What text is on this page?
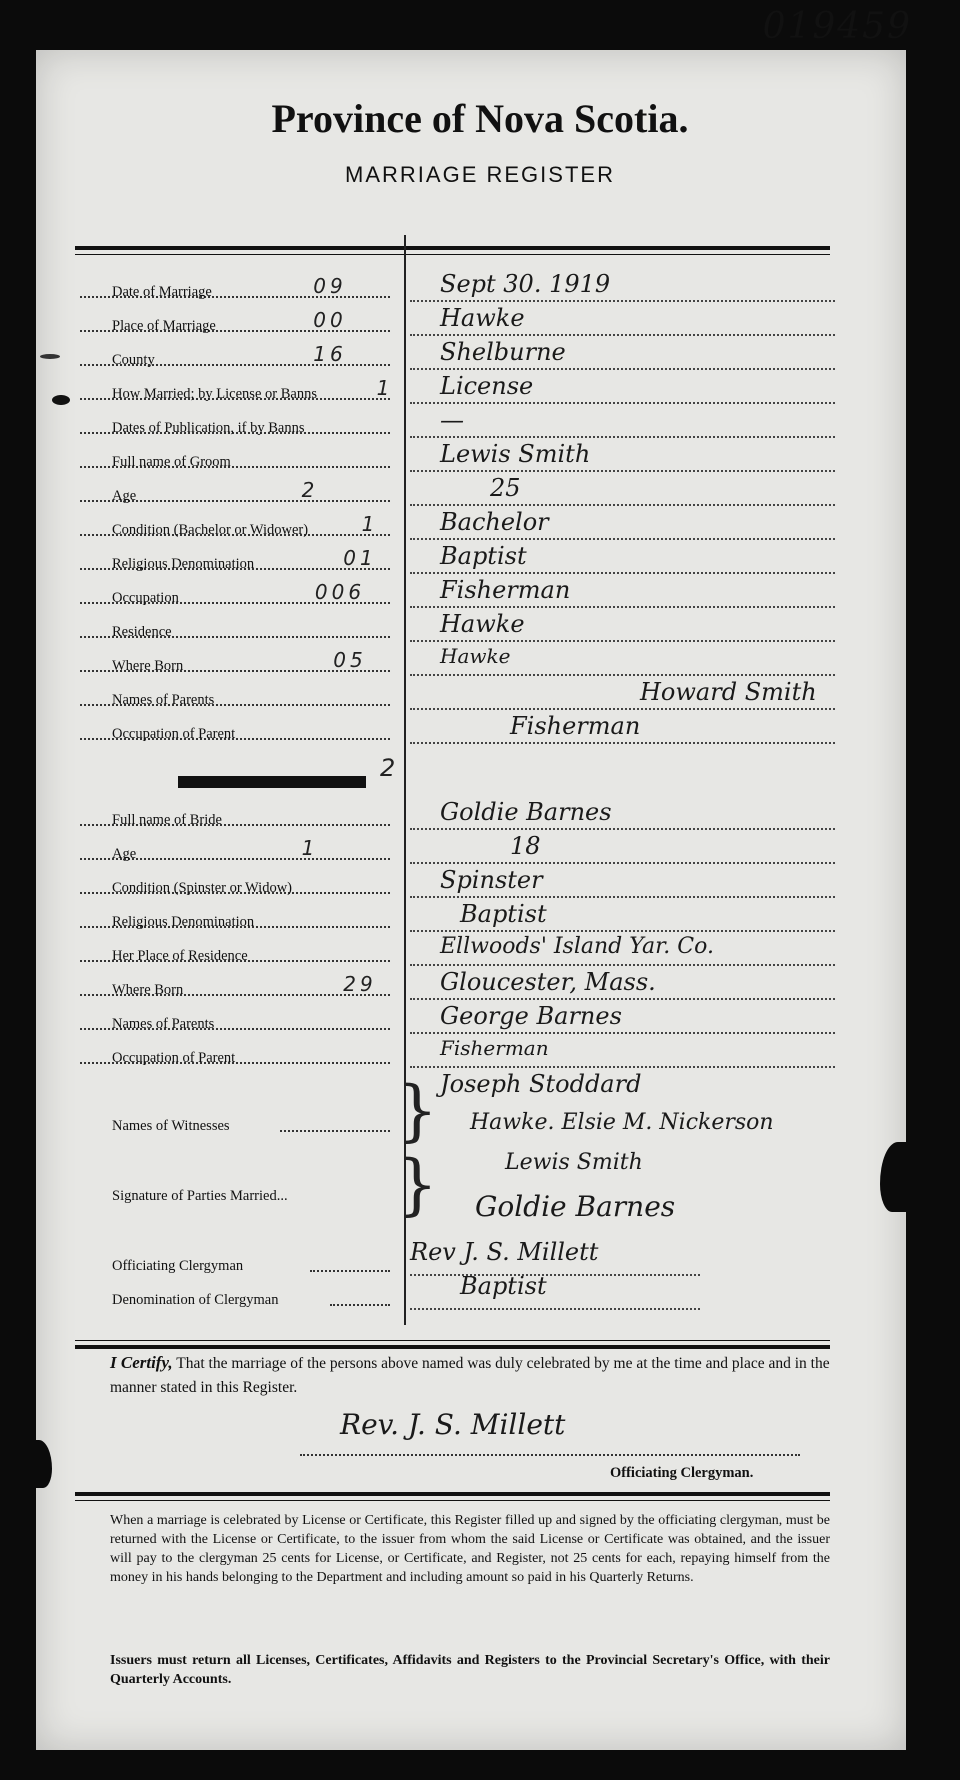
019459
Province of Nova Scotia.
MARRIAGE REGISTER
Date of Marriage	09	Sept 30. 1919
Place of Marriage	00	Hawke
County	16	Shelburne
How Married; by License or Banns	1	License
Dates of Publication, if by Banns	—
Full name of Groom	Lewis Smith
Age	2	25
Condition (Bachelor or Widower)	1	Bachelor
Religious Denomination	01	Baptist
Occupation	006	Fisherman
Residence	Hawke
Where Born	05	Hawke
Names of Parents	Howard Smith
Occupation of Parent	Fisherman
2
Full name of Bride	Goldie Barnes
Age	1	18
Condition (Spinster or Widow)	Spinster
Religious Denomination	Baptist
Her Place of Residence	Ellwoods' Island Yar. Co.
Where Born	29	Gloucester, Mass.
Names of Parents	George Barnes
Occupation of Parent	Fisherman
Names of Witnesses	} Joseph Stoddard
Hawke. Elsie M. Nickerson
Signature of Parties Married... }	Lewis Smith
Goldie Barnes
Officiating Clergyman	Rev J. S. Millett
Denomination of Clergyman	Baptist
I Certify, That the marriage of the persons above named was duly celebrated by me at the time and place and in the manner stated in this Register.
Rev. J. S. Millett
Officiating Clergyman.
When a marriage is celebrated by License or Certificate, this Register filled up and signed by the officiating clergyman, must be returned with the License or Certificate, to the issuer from whom the said License or Certificate was obtained, and the issuer will pay to the clergyman 25 cents for License, or Certificate, and Register, not 25 cents for each, repaying himself from the money in his hands belonging to the Department and including amount so paid in his Quarterly Returns.
Issuers must return all Licenses, Certificates, Affidavits and Registers to the Provincial Secretary's Office, with their Quarterly Accounts.
